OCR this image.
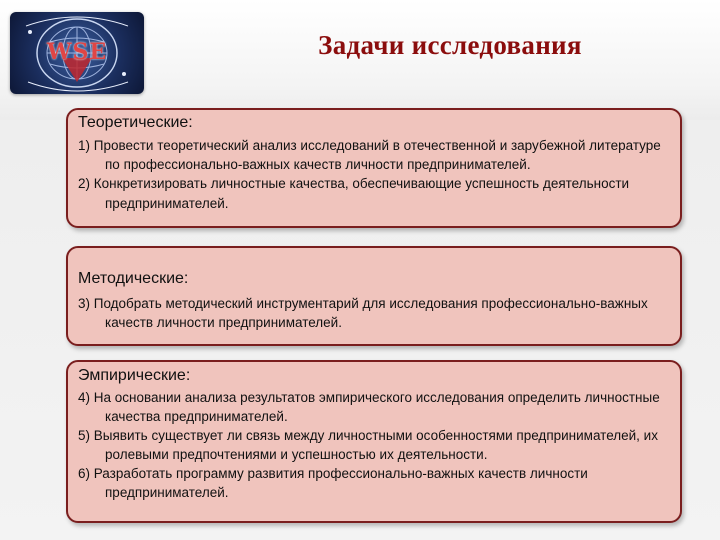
WSE	Задачи исследования
Теоретические:
1) Провести теоретический анализ исследований в отечественной и зарубежной литературе по профессионально-важных качеств личности предпринимателей.
2) Конкретизировать личностные качества, обеспечивающие успешность деятельности предпринимателей.
Методические:
3) Подобрать методический инструментарий для исследования профессионально-важных качеств личности предпринимателей.
Эмпирические:
4) На основании анализа результатов эмпирического исследования определить личностные качества предпринимателей.
5) Выявить существует ли связь между личностными особенностями предпринимателей, их ролевыми предпочтениями и успешностью их деятельности.
6) Разработать программу развития профессионально-важных качеств личности предпринимателей.
